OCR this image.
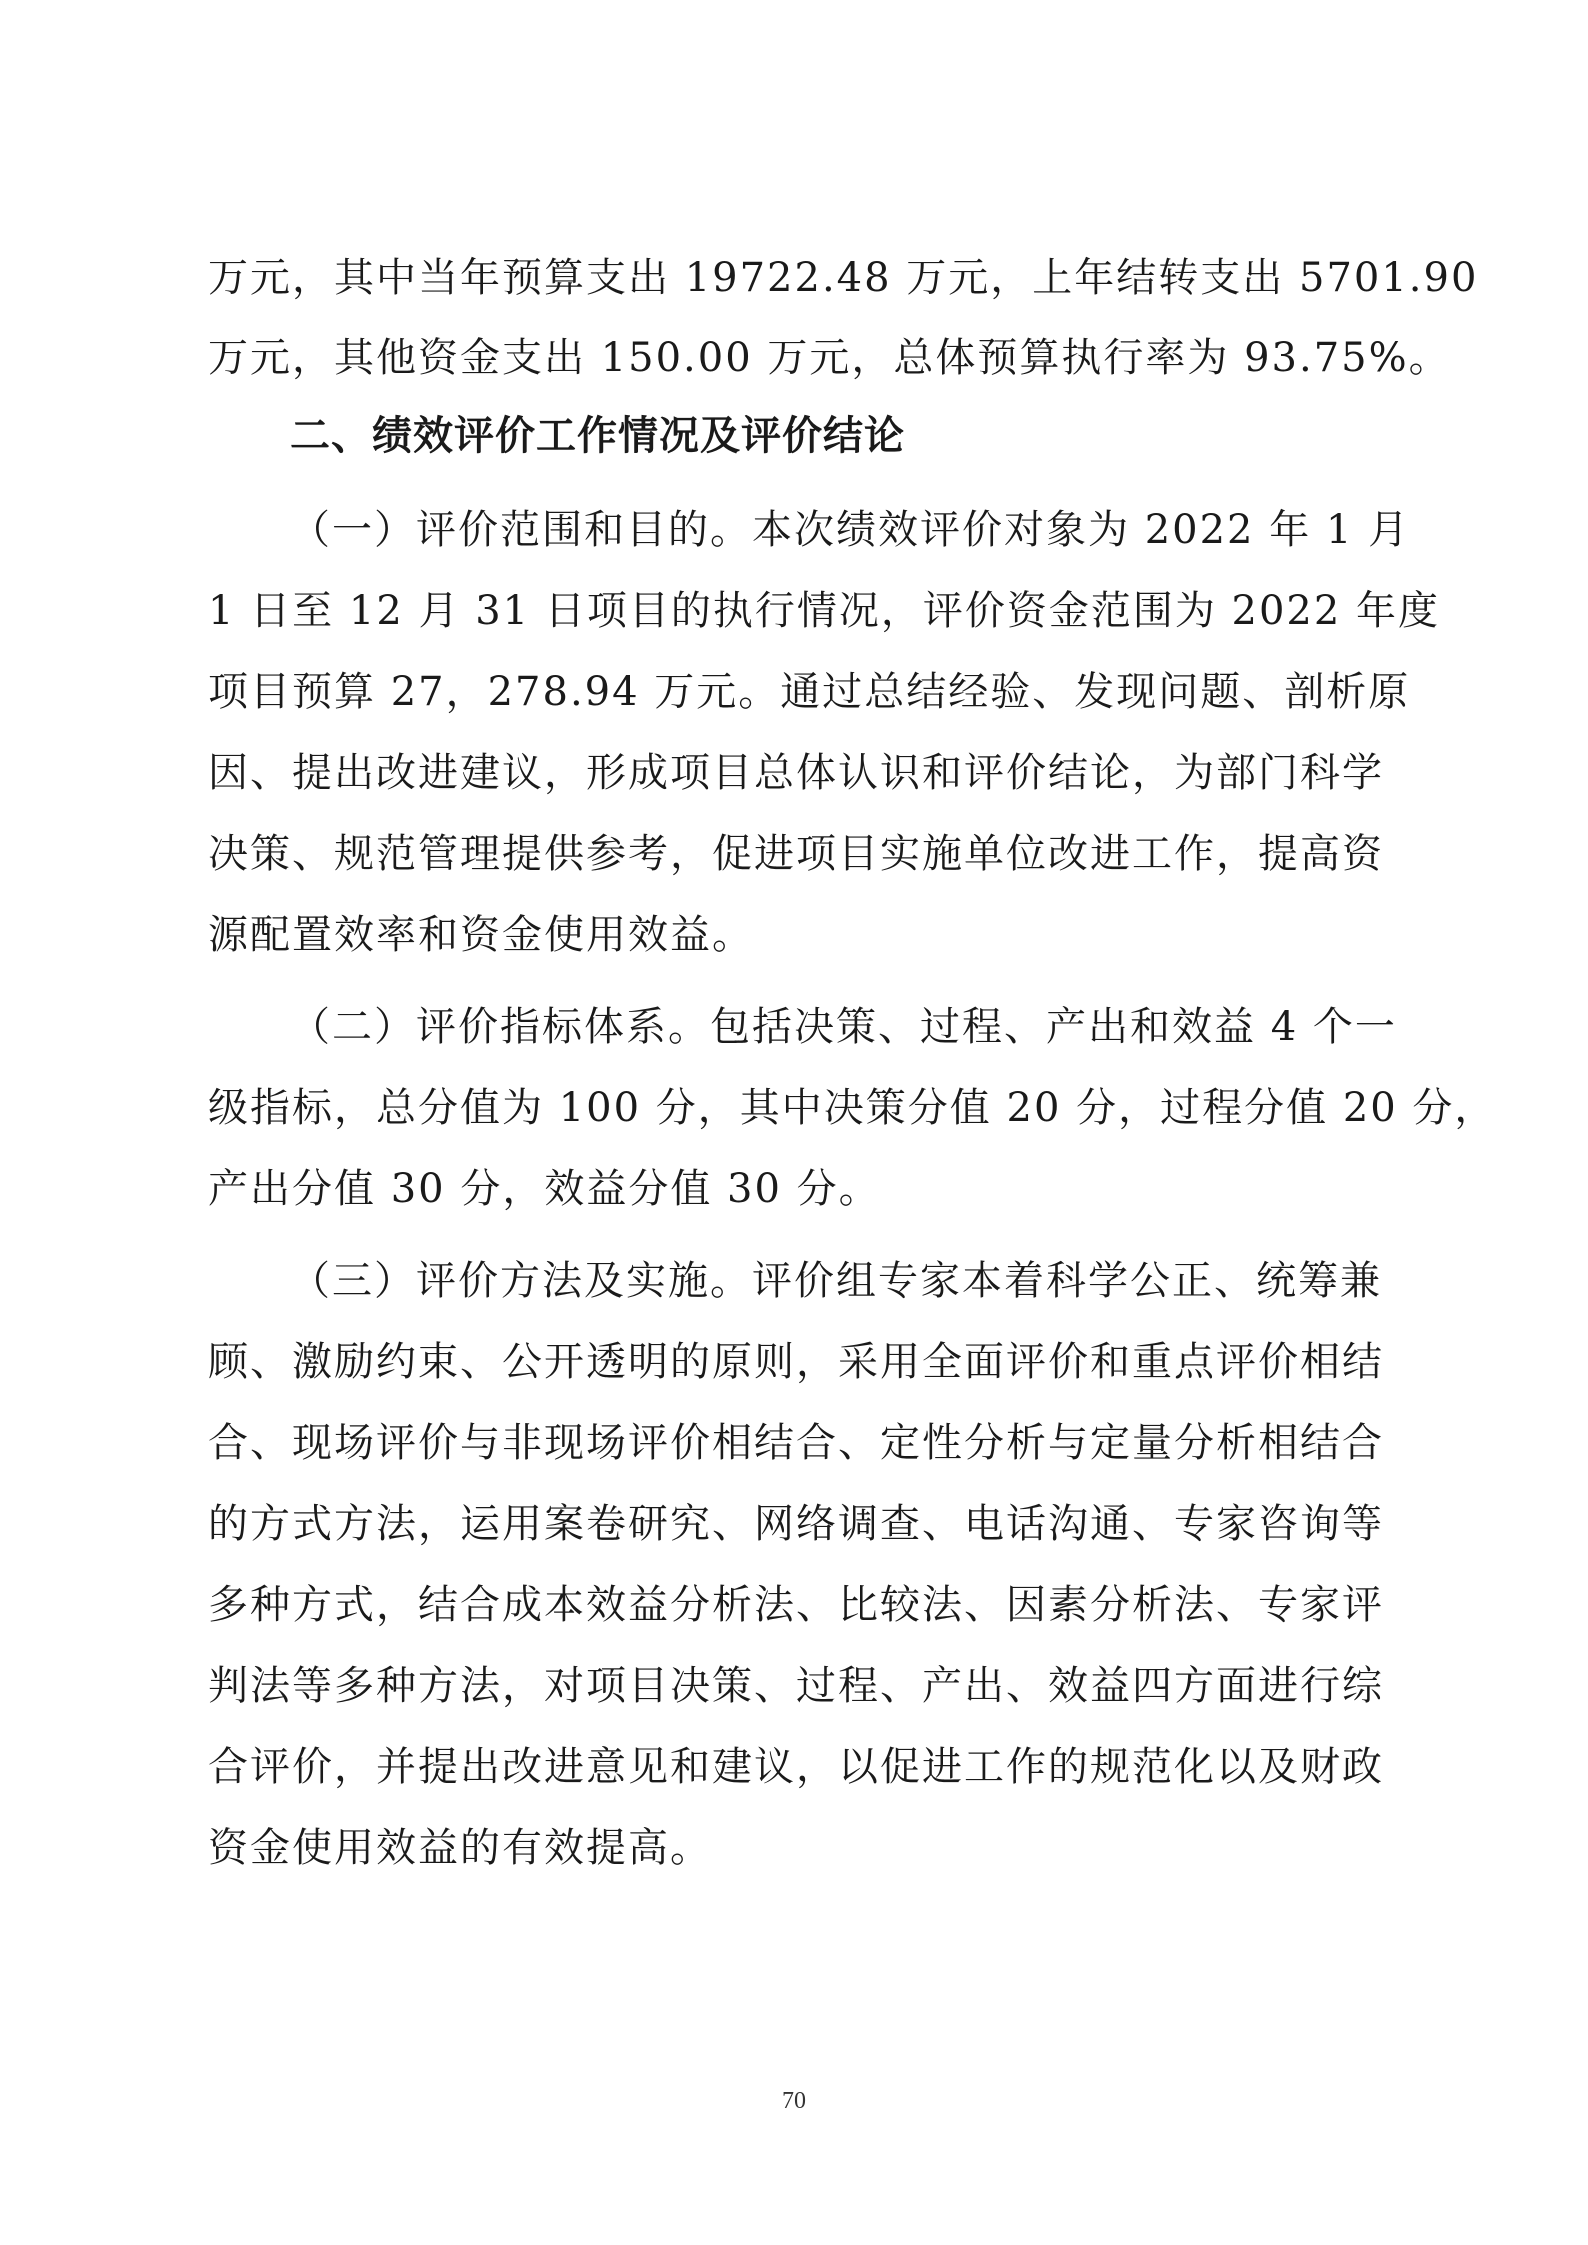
万元，其中当年预算支出 19722.48 万元，上年结转支出 5701.90
万元，其他资金支出 150.00 万元，总体预算执行率为 93.75%。
二、绩效评价工作情况及评价结论
（一）评价范围和目的。本次绩效评价对象为 2022 年 1 月
1 日至 12 月 31 日项目的执行情况，评价资金范围为 2022 年度
项目预算 27，278.94 万元。通过总结经验、发现问题、剖析原
因、提出改进建议，形成项目总体认识和评价结论，为部门科学
决策、规范管理提供参考，促进项目实施单位改进工作，提高资
源配置效率和资金使用效益。
（二）评价指标体系。包括决策、过程、产出和效益 4 个一
级指标，总分值为 100 分，其中决策分值 20 分，过程分值 20 分，
产出分值 30 分，效益分值 30 分。
（三）评价方法及实施。评价组专家本着科学公正、统筹兼
顾、激励约束、公开透明的原则，采用全面评价和重点评价相结
合、现场评价与非现场评价相结合、定性分析与定量分析相结合
的方式方法，运用案卷研究、网络调查、电话沟通、专家咨询等
多种方式，结合成本效益分析法、比较法、因素分析法、专家评
判法等多种方法，对项目决策、过程、产出、效益四方面进行综
合评价，并提出改进意见和建议，以促进工作的规范化以及财政
资金使用效益的有效提高。
70
